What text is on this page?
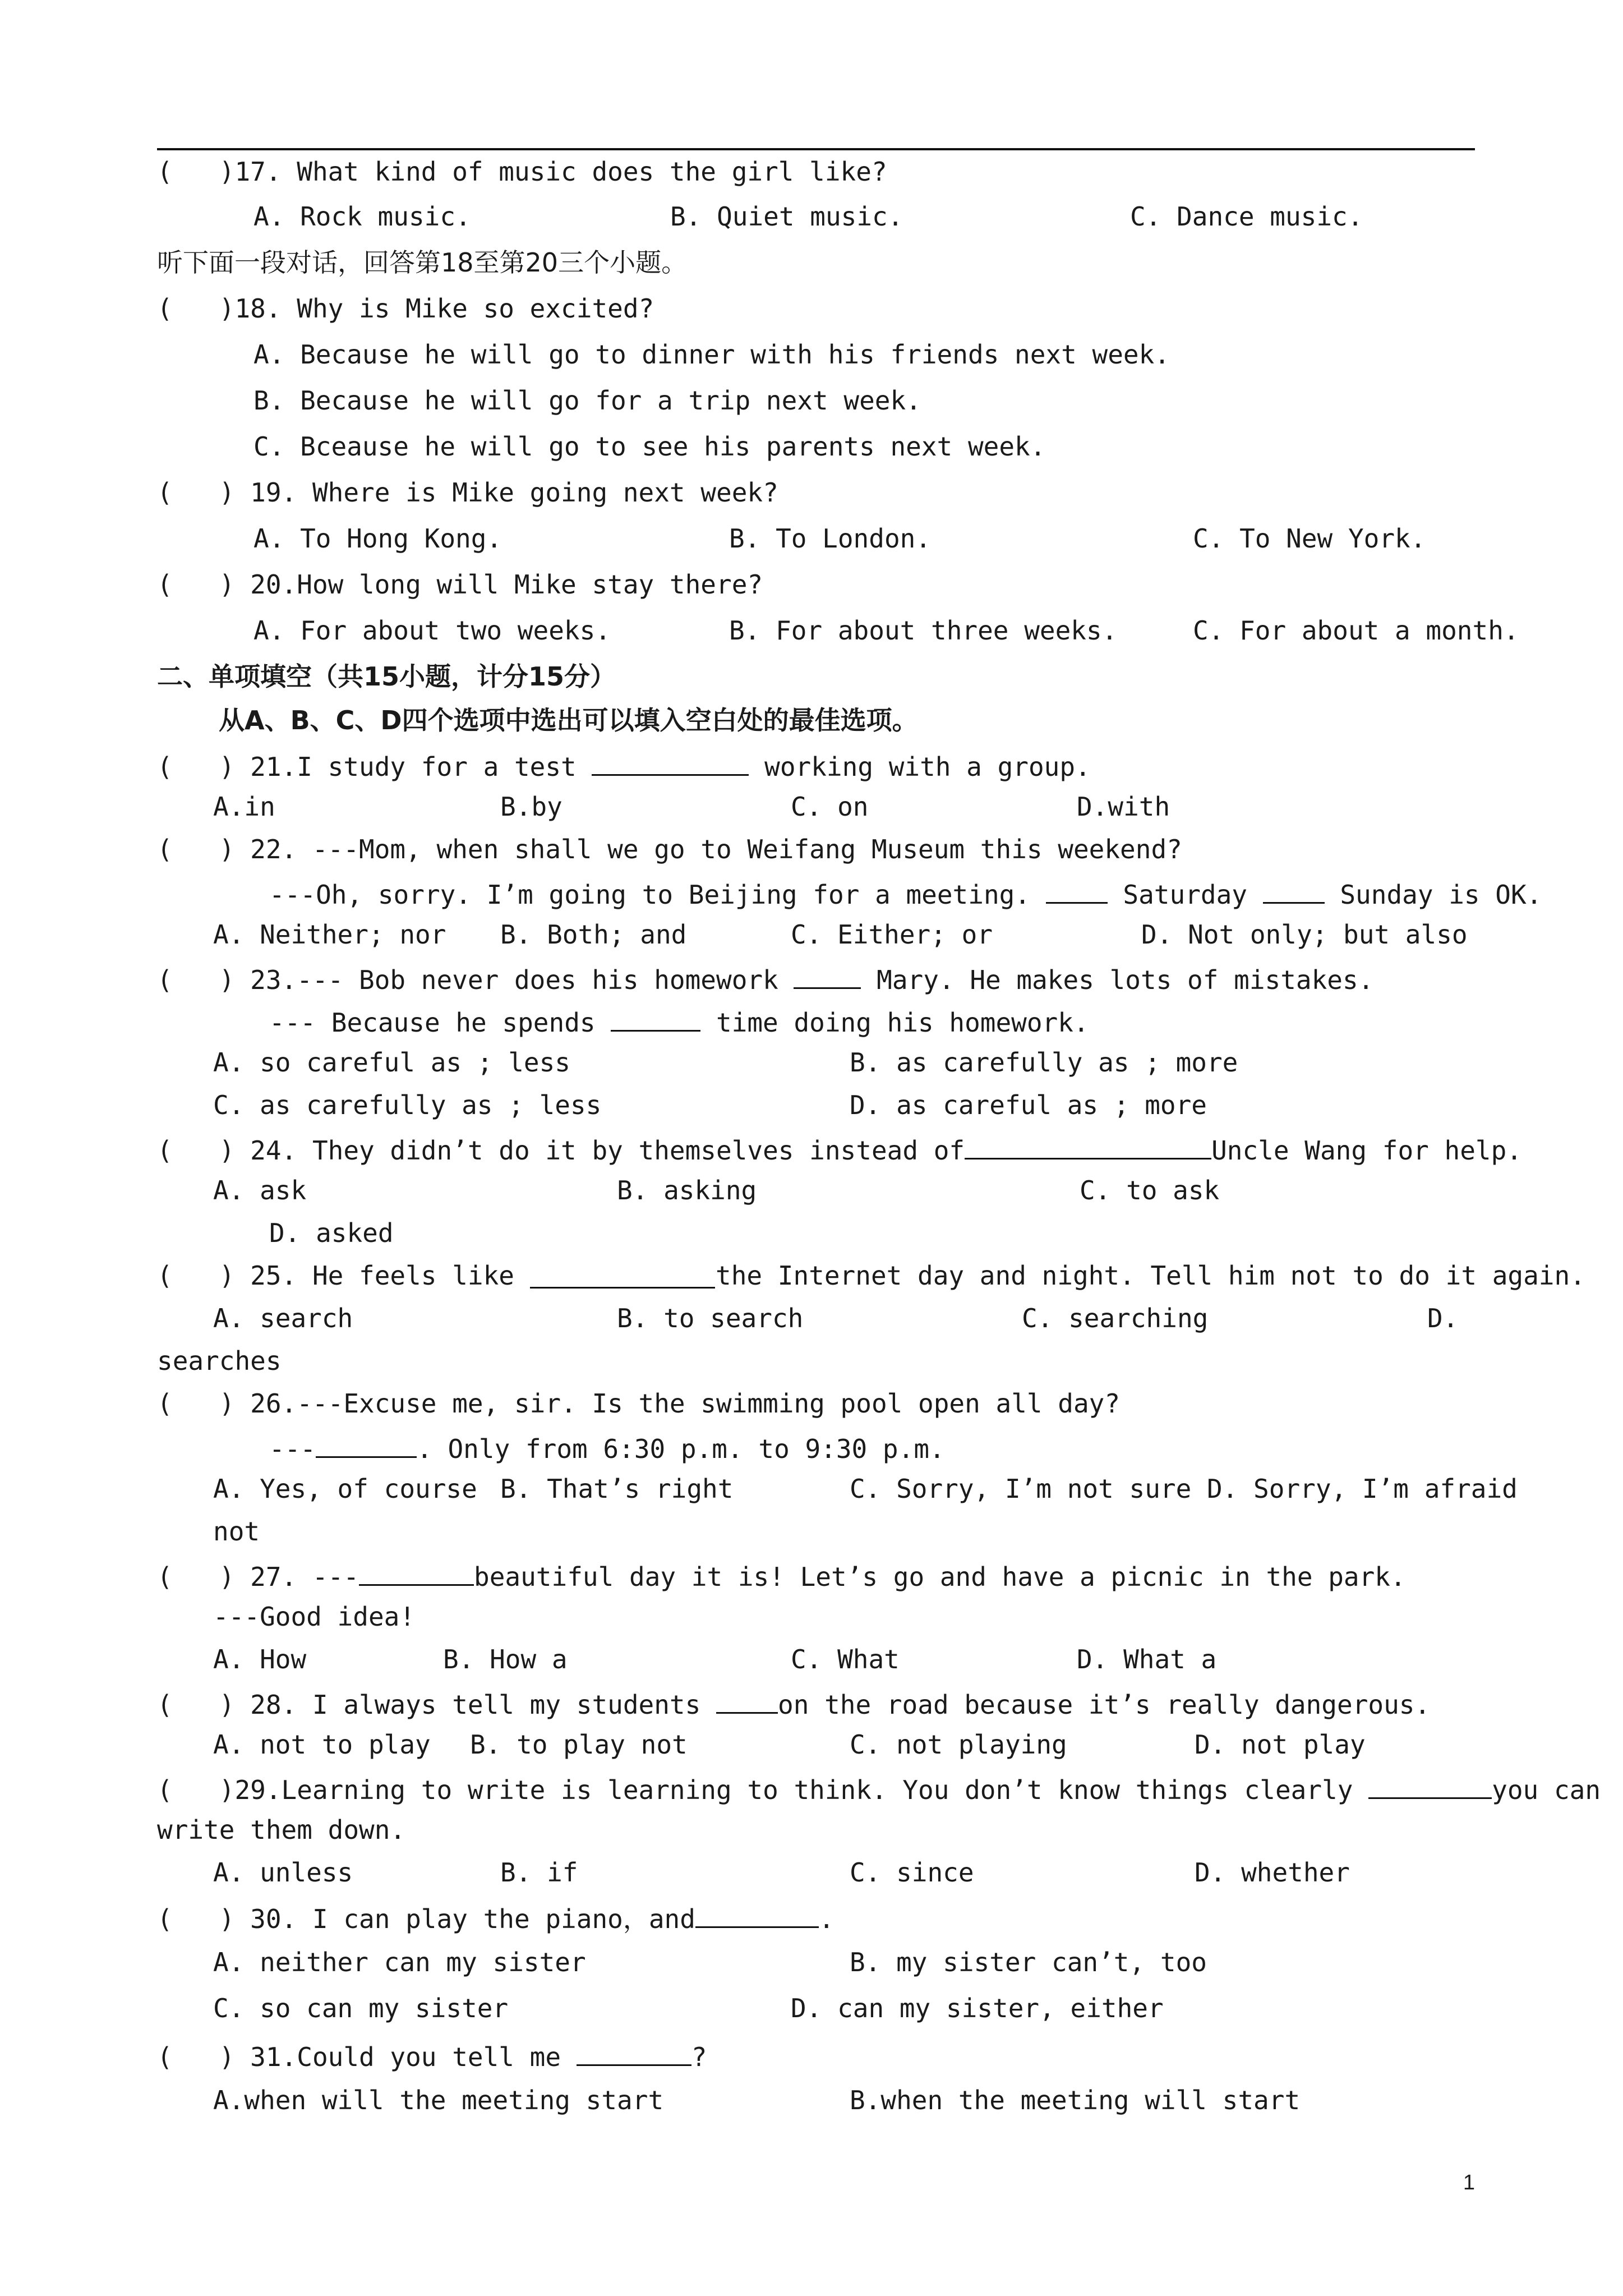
(   )17. What kind of music does the girl like?

A. Rock music.

	B. Quiet music.

	C. Dance music.

听下面一段对话，回答第18至第20三个小题。
(   )18. Why is Mike so excited?
A. Because he will go to dinner with his friends next week.
B. Because he will go for a trip next week.
C. Bceause he will go to see his parents next week.
(   ) 19. Where is Mike going next week?

A. To Hong Kong.

	B. To London.

	C. To New York.

(   ) 20.How long will Mike stay there?

A. For about two weeks.

	B. For about three weeks.

	C. For about a month.

二、单项填空（共15小题，计分15分）
从A、B、C、D四个选项中选出可以填入空白处的最佳选项。

(   ) 21.I study for a test	working with a group.

A.in

	B.by

	C. on

	D.with

(   ) 22. ---Mom, when shall we go to Weifang Museum this weekend?

---Oh, sorry. I’m going to Beijing for a meeting.  Saturday  Sunday is OK.

A. Neither; nor

B. Both; and

	C. Either; or

	D. Not only; but also

(   ) 23.--- Bob never does his homework	Mary. He makes lots of mistakes.

--- Because he spends	time doing his homework.

A. so careful as ; less

	B. as carefully as ; more

C. as carefully as ; less

	D. as careful as ; more

(   ) 24. They didn’t do it by themselves instead of	Uncle Wang for help.

A. ask

	B. asking

	C. to ask

D. asked

(   ) 25. He feels like

	the Internet day and night. Tell him not to do it again.

A. search

	B. to search

	C. searching

	D.

searches

(   ) 26.---Excuse me, sir. Is the swimming pool open all day?

---	. Only from 6:30 p.m. to 9:30 p.m.

A. Yes, of course

B. That’s right

	C. Sorry, I’m not sure D. Sorry, I’m afraid

not

(   ) 27. ---	beautiful day it is! Let’s go and have a picnic in the park.

---Good idea!

A. How

	B. How a

	C. What

	D. What a

(   ) 28. I always tell my students on the road because it’s really dangerous.

A. not to play

B. to play not

	C. not playing

	D. not play

(   )29.Learning to write is learning to think. You don’t know things clearly	you can

write them down.

A. unless

	B. if

	C. since

	D. whether

(   ) 30. I can play the piano，and	.

A. neither can my sister

	B. my sister can’t, too

C. so can my sister

	D. can my sister, either

(   ) 31.Could you tell me	?

A.when will the meeting start

	B.when the meeting will start

1
